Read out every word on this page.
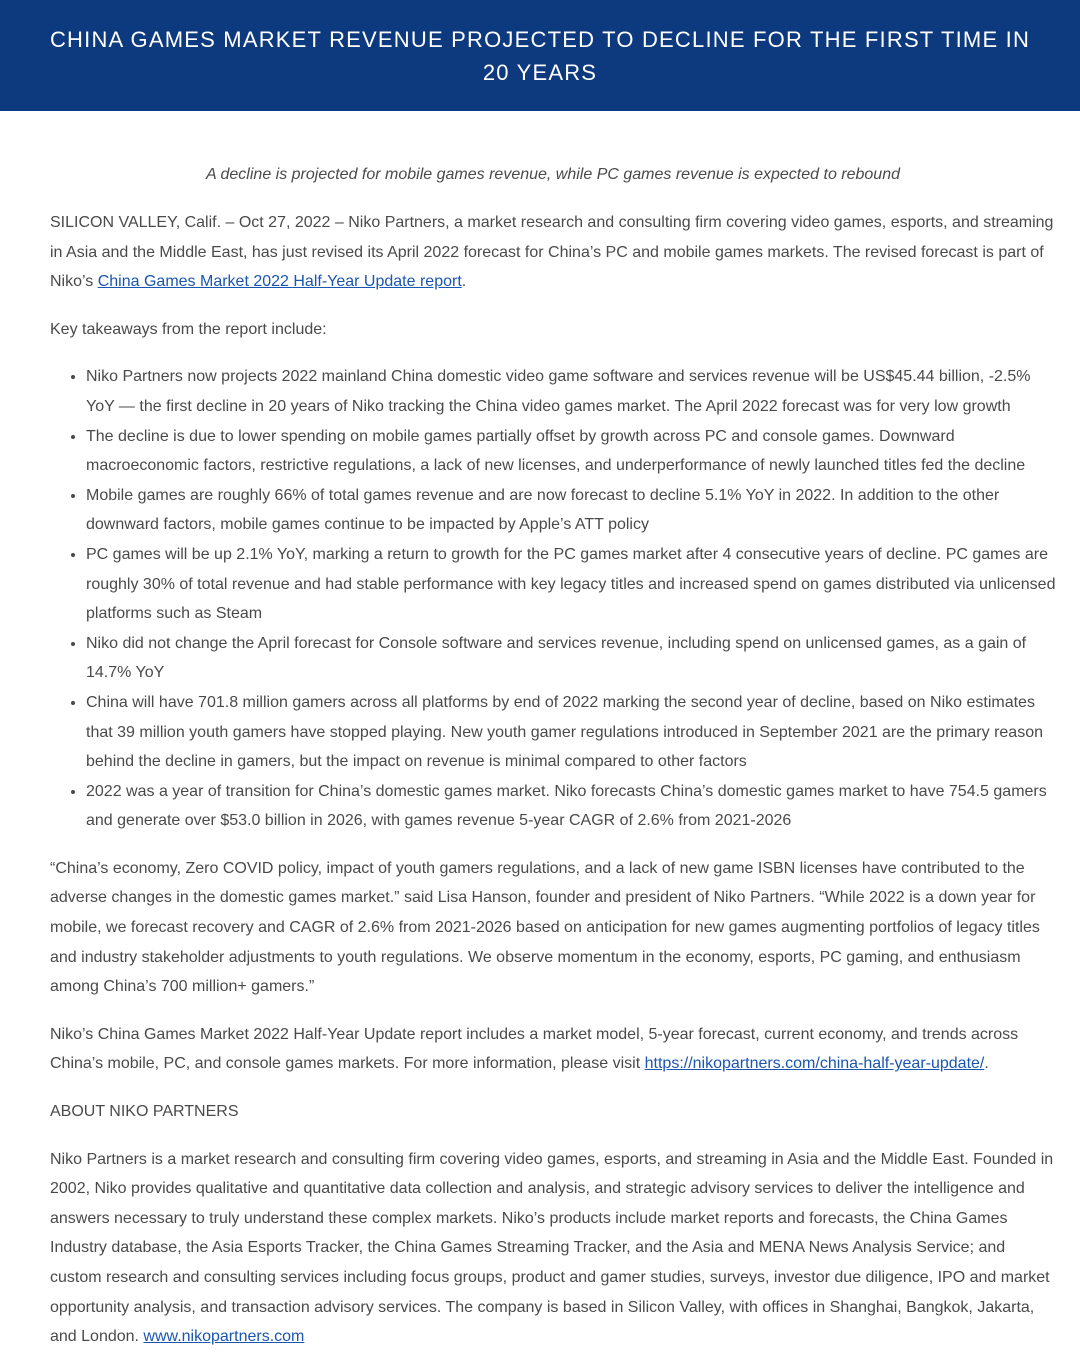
CHINA GAMES MARKET REVENUE PROJECTED TO DECLINE FOR THE FIRST TIME IN 20 YEARS

A decline is projected for mobile games revenue, while PC games revenue is expected to rebound

SILICON VALLEY, Calif. – Oct 27, 2022 – Niko Partners, a market research and consulting firm covering video games, esports, and streaming in Asia and the Middle East, has just revised its April 2022 forecast for China’s PC and mobile games markets. The revised forecast is part of Niko’s China Games Market 2022 Half-Year Update report.

Key takeaways from the report include:

• Niko Partners now projects 2022 mainland China domestic video game software and services revenue will be US$45.44 billion, -2.5% YoY — the first decline in 20 years of Niko tracking the China video games market. The April 2022 forecast was for very low growth
• The decline is due to lower spending on mobile games partially offset by growth across PC and console games. Downward macroeconomic factors, restrictive regulations, a lack of new licenses, and underperformance of newly launched titles fed the decline
• Mobile games are roughly 66% of total games revenue and are now forecast to decline 5.1% YoY in 2022. In addition to the other downward factors, mobile games continue to be impacted by Apple’s ATT policy
• PC games will be up 2.1% YoY, marking a return to growth for the PC games market after 4 consecutive years of decline. PC games are roughly 30% of total revenue and had stable performance with key legacy titles and increased spend on games distributed via unlicensed platforms such as Steam
• Niko did not change the April forecast for Console software and services revenue, including spend on unlicensed games, as a gain of 14.7% YoY
• China will have 701.8 million gamers across all platforms by end of 2022 marking the second year of decline, based on Niko estimates that 39 million youth gamers have stopped playing. New youth gamer regulations introduced in September 2021 are the primary reason behind the decline in gamers, but the impact on revenue is minimal compared to other factors
• 2022 was a year of transition for China’s domestic games market. Niko forecasts China’s domestic games market to have 754.5 gamers and generate over $53.0 billion in 2026, with games revenue 5-year CAGR of 2.6% from 2021-2026

“China’s economy, Zero COVID policy, impact of youth gamers regulations, and a lack of new game ISBN licenses have contributed to the adverse changes in the domestic games market.” said Lisa Hanson, founder and president of Niko Partners. “While 2022 is a down year for mobile, we forecast recovery and CAGR of 2.6% from 2021-2026 based on anticipation for new games augmenting portfolios of legacy titles and industry stakeholder adjustments to youth regulations. We observe momentum in the economy, esports, PC gaming, and enthusiasm among China’s 700 million+ gamers.”

Niko’s China Games Market 2022 Half-Year Update report includes a market model, 5-year forecast, current economy, and trends across China’s mobile, PC, and console games markets. For more information, please visit https://nikopartners.com/china-half-year-update/.

ABOUT NIKO PARTNERS

Niko Partners is a market research and consulting firm covering video games, esports, and streaming in Asia and the Middle East. Founded in 2002, Niko provides qualitative and quantitative data collection and analysis, and strategic advisory services to deliver the intelligence and answers necessary to truly understand these complex markets. Niko’s products include market reports and forecasts, the China Games Industry database, the Asia Esports Tracker, the China Games Streaming Tracker, and the Asia and MENA News Analysis Service; and custom research and consulting services including focus groups, product and gamer studies, surveys, investor due diligence, IPO and market opportunity analysis, and transaction advisory services. The company is based in Silicon Valley, with offices in Shanghai, Bangkok, Jakarta, and London. www.nikopartners.com
